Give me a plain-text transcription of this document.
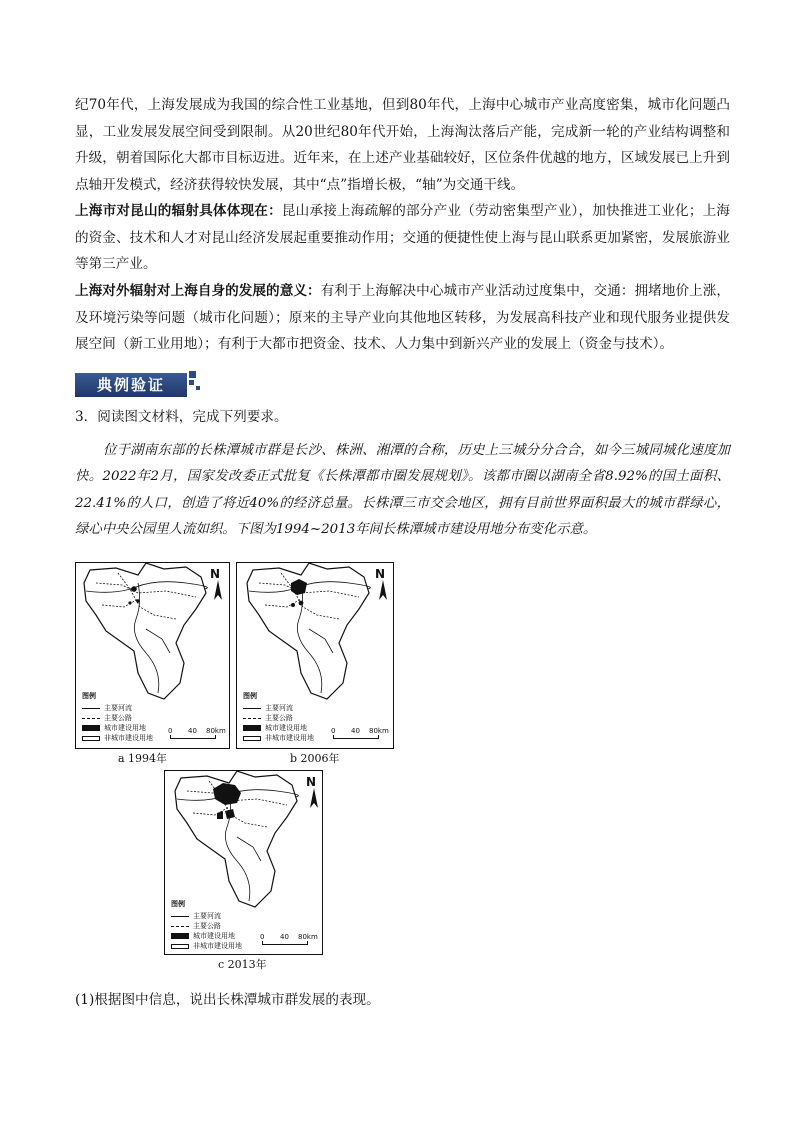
纪70年代，上海发展成为我国的综合性工业基地，但到80年代，上海中心城市产业高度密集，城市化问题凸显，工业发展发展空间受到限制。从20世纪80年代开始，上海淘汰落后产能，完成新一轮的产业结构调整和升级，朝着国际化大都市目标迈进。近年来，在上述产业基础较好，区位条件优越的地方，区域发展已上升到点轴开发模式，经济获得较快发展，其中“点”指增长极，“轴”为交通干线。

上海市对昆山的辐射具体体现在：昆山承接上海疏解的部分产业（劳动密集型产业），加快推进工业化；上海的资金、技术和人才对昆山经济发展起重要推动作用；交通的便捷性使上海与昆山联系更加紧密，发展旅游业等第三产业。

上海对外辐射对上海自身的发展的意义：有利于上海解决中心城市产业活动过度集中，交通：拥堵地价上涨，及环境污染等问题（城市化问题）；原来的主导产业向其他地区转移，为发展高科技产业和现代服务业提供发展空间（新工业用地）；有利于大都市把资金、技术、人力集中到新兴产业的发展上（资金与技术）。

典例验证

3．阅读图文材料，完成下列要求。

位于湖南东部的长株潭城市群是长沙、株洲、湘潭的合称，历史上三城分分合合，如今三城同城化速度加快。2022年2月，国家发改委正式批复《长株潭都市圈发展规划》。该都市圈以湖南全省8.92%的国土面积、22.41%的人口，创造了将近40%的经济总量。长株潭三市交会地区，拥有目前世界面积最大的城市群绿心，绿心中央公园里人流如织。下图为1994~2013年间长株潭城市建设用地分布变化示意。

N
图例
主要河流
主要公路
城市建设用地
非城市建设用地
0 40 80km
a 1994年
N
图例
主要河流
主要公路
城市建设用地
非城市建设用地
0 40 80km
b 2006年
N
图例
主要河流
主要公路
城市建设用地
非城市建设用地
0 40 80km
c 2013年

(1)根据图中信息，说出长株潭城市群发展的表现。
